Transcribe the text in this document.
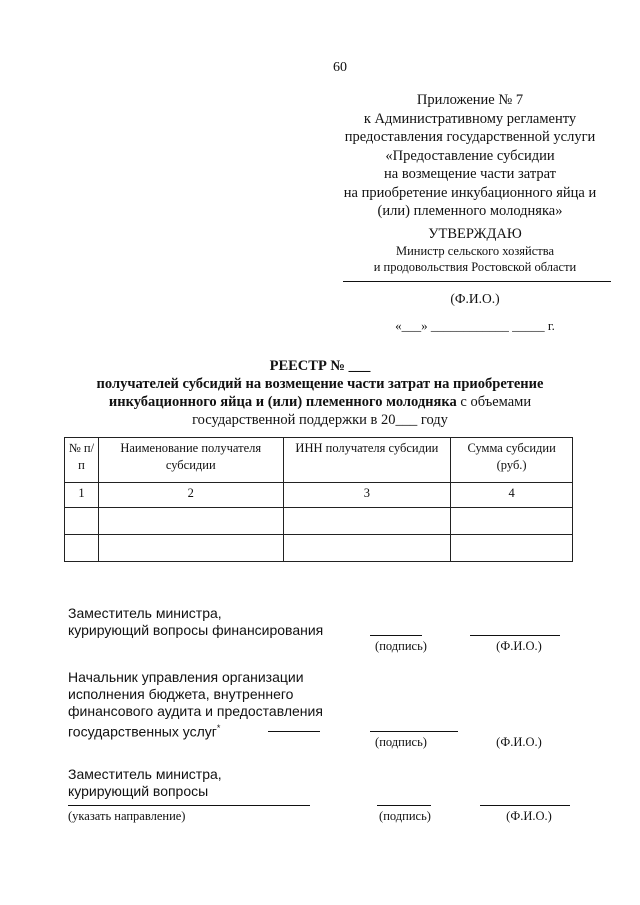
60
Приложение № 7
к Административному регламенту
предоставления государственной услуги
«Предоставление субсидии
на возмещение части затрат
на приобретение инкубационного яйца и
(или) племенного молодняка»
УТВЕРЖДАЮ
Министр сельского хозяйства
и продовольствия Ростовской области
(Ф.И.О.)
«___» ____________ _____ г.
РЕЕСТР № ___
получателей субсидий на возмещение части затрат на приобретение
инкубационного яйца и (или) племенного молодняка с объемами
государственной поддержки в 20___ году
№ п/п	Наименование получателя субсидии	ИНН получателя субсидии	Сумма субсидии (руб.)
1	2	3	4

Заместитель министра,
курирующий вопросы финансирования
(подпись)	(Ф.И.О.)
Начальник управления организации
исполнения бюджета, внутреннего
финансового аудита и предоставления
государственных услуг*
(подпись)	(Ф.И.О.)
Заместитель министра,
курирующий вопросы
(указать направление)	(подпись)	(Ф.И.О.)
